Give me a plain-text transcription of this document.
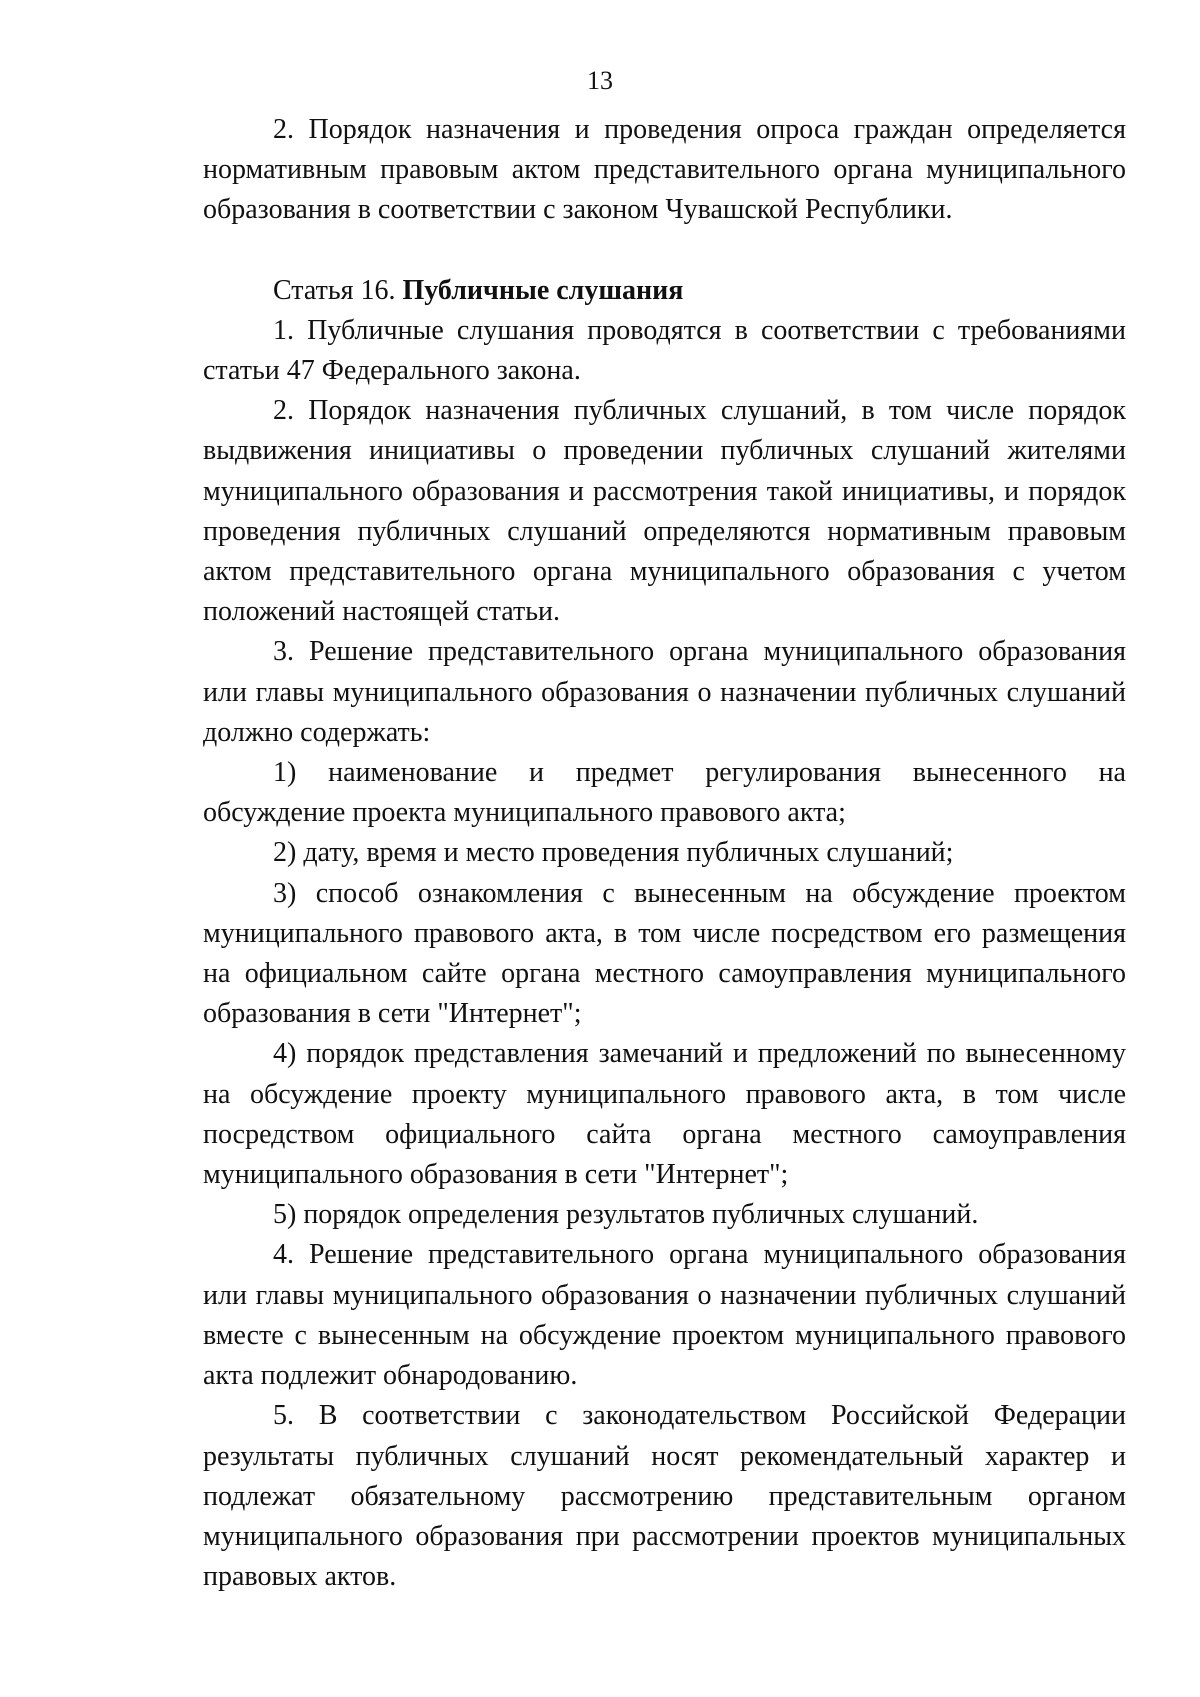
13

2. Порядок назначения и проведения опроса граждан определяется нормативным правовым актом представительного органа муниципального образования в соответствии с законом Чувашской Республики.

Статья 16. Публичные слушания

1. Публичные слушания проводятся в соответствии с требованиями статьи 47 Федерального закона.

2. Порядок назначения публичных слушаний, в том числе порядок выдвижения инициативы о проведении публичных слушаний жителями муниципального образования и рассмотрения такой инициативы, и порядок проведения публичных слушаний определяются нормативным правовым актом представительного органа муниципального образования с учетом положений настоящей статьи.

3. Решение представительного органа муниципального образования или главы муниципального образования о назначении публичных слушаний должно содержать:

1) наименование и предмет регулирования вынесенного на обсуждение проекта муниципального правового акта;

2) дату, время и место проведения публичных слушаний;

3) способ ознакомления с вынесенным на обсуждение проектом муниципального правового акта, в том числе посредством его размещения на официальном сайте органа местного самоуправления муниципального образования в сети "Интернет";

4) порядок представления замечаний и предложений по вынесенному на обсуждение проекту муниципального правового акта, в том числе посредством официального сайта органа местного самоуправления муниципального образования в сети "Интернет";

5) порядок определения результатов публичных слушаний.

4. Решение представительного органа муниципального образования или главы муниципального образования о назначении публичных слушаний вместе с вынесенным на обсуждение проектом муниципального правового акта подлежит обнародованию.

5. В соответствии с законодательством Российской Федерации результаты публичных слушаний носят рекомендательный характер и подлежат обязательному рассмотрению представительным органом муниципального образования при рассмотрении проектов муниципальных правовых актов.
